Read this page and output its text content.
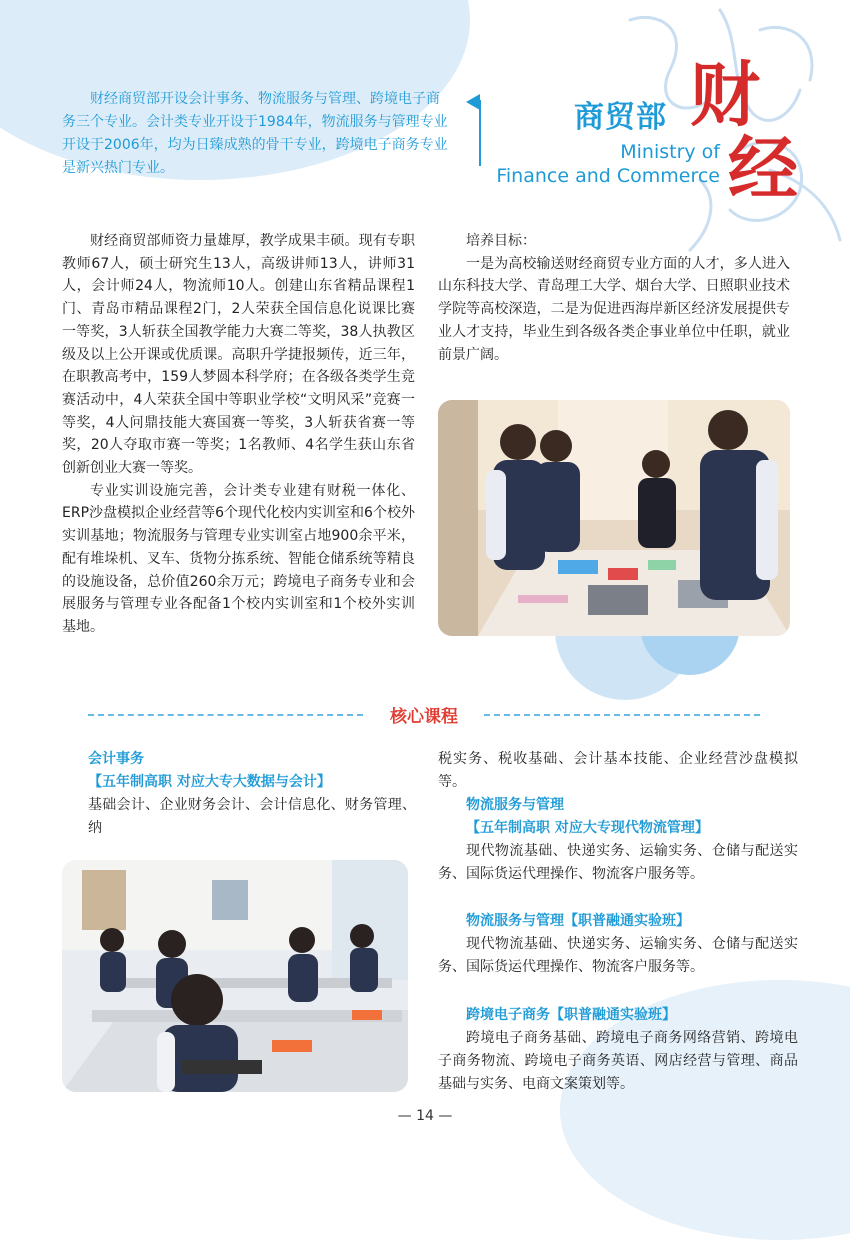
财经商贸部开设会计事务、物流服务与管理、跨境电子商务三个专业。会计类专业开设于1984年，物流服务与管理专业开设于2006年，均为日臻成熟的骨干专业，跨境电子商务专业是新兴热门专业。

商贸部 财
经
Ministry of
Finance and Commerce

财经商贸部师资力量雄厚，教学成果丰硕。现有专职教师67人，硕士研究生13人，高级讲师13人，讲师31人，会计师24人，物流师10人。创建山东省精品课程1门、青岛市精品课程2门，2人荣获全国信息化说课比赛一等奖，3人斩获全国教学能力大赛二等奖，38人执教区级及以上公开课或优质课。高职升学捷报频传，近三年，在职教高考中，159人梦圆本科学府；在各级各类学生竞赛活动中，4人荣获全国中等职业学校“文明风采”竞赛一等奖，4人问鼎技能大赛国赛一等奖，3人斩获省赛一等奖，20人夺取市赛一等奖；1名教师、4名学生获山东省创新创业大赛一等奖。

专业实训设施完善，会计类专业建有财税一体化、ERP沙盘模拟企业经营等6个现代化校内实训室和6个校外实训基地；物流服务与管理专业实训室占地900余平米，配有堆垛机、叉车、货物分拣系统、智能仓储系统等精良的设施设备，总价值260余万元；跨境电子商务专业和会展服务与管理专业各配备1个校内实训室和1个校外实训基地。

培养目标：

一是为高校输送财经商贸专业方面的人才，多人进入山东科技大学、青岛理工大学、烟台大学、日照职业技术学院等高校深造，二是为促进西海岸新区经济发展提供专业人才支持，毕业生到各级各类企事业单位中任职，就业前景广阔。

核心课程

会计事务

【五年制高职 对应大专大数据与会计】

基础会计、企业财务会计、会计信息化、财务管理、纳

税实务、税收基础、会计基本技能、企业经营沙盘模拟等。

物流服务与管理

【五年制高职 对应大专现代物流管理】

现代物流基础、快递实务、运输实务、仓储与配送实务、国际货运代理操作、物流客户服务等。

物流服务与管理【职普融通实验班】

现代物流基础、快递实务、运输实务、仓储与配送实务、国际货运代理操作、物流客户服务等。

跨境电子商务【职普融通实验班】

跨境电子商务基础、跨境电子商务网络营销、跨境电子商务物流、跨境电子商务英语、网店经营与管理、商品基础与实务、电商文案策划等。

— 14 —
